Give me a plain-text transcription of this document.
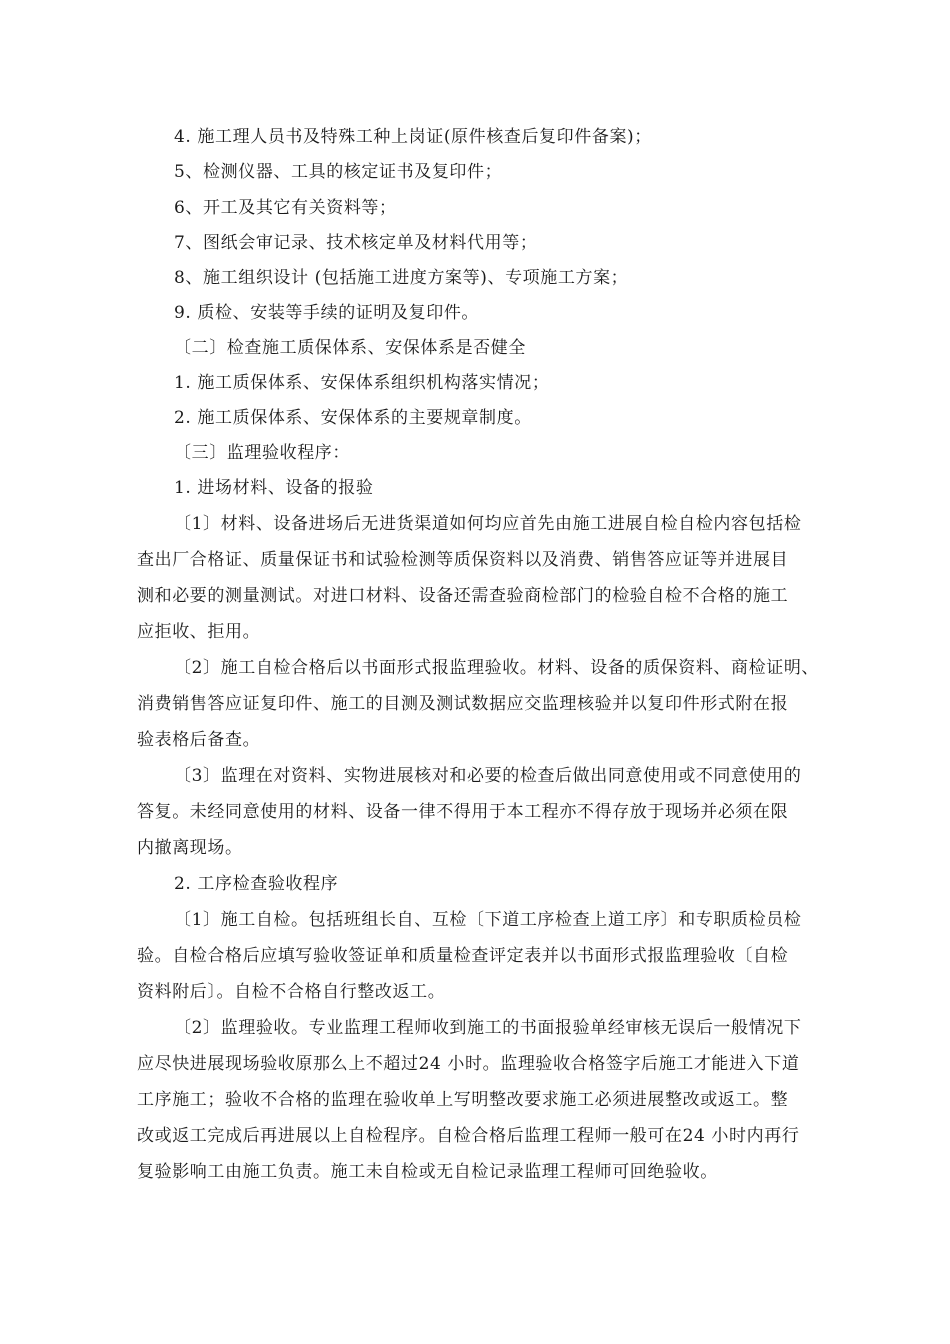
4. 施工理人员书及特殊工种上岗证(原件核查后复印件备案)；
5、检测仪器、工具的核定证书及复印件；
6、开工及其它有关资料等；
7、图纸会审记录、技术核定单及材料代用等；
8、施工组织设计 (包括施工进度方案等)、专项施工方案；
9. 质检、安装等手续的证明及复印件。
〔二〕检查施工质保体系、安保体系是否健全
1. 施工质保体系、安保体系组织机构落实情况；
2. 施工质保体系、安保体系的主要规章制度。
〔三〕监理验收程序：
1. 进场材料、设备的报验
〔1〕材料、设备进场后无进货渠道如何均应首先由施工进展自检自检内容包括检
查出厂合格证、质量保证书和试验检测等质保资料以及消费、销售答应证等并进展目
测和必要的测量测试。对进口材料、设备还需查验商检部门的检验自检不合格的施工
应拒收、拒用。
〔2〕施工自检合格后以书面形式报监理验收。材料、设备的质保资料、商检证明、
消费销售答应证复印件、施工的目测及测试数据应交监理核验并以复印件形式附在报
验表格后备查。
〔3〕监理在对资料、实物进展核对和必要的检查后做出同意使用或不同意使用的
答复。未经同意使用的材料、设备一律不得用于本工程亦不得存放于现场并必须在限
内撤离现场。
2. 工序检查验收程序
〔1〕施工自检。包括班组长自、互检〔下道工序检查上道工序〕和专职质检员检
验。自检合格后应填写验收签证单和质量检查评定表并以书面形式报监理验收〔自检
资料附后〕。自检不合格自行整改返工。
〔2〕监理验收。专业监理工程师收到施工的书面报验单经审核无误后一般情况下
应尽快进展现场验收原那么上不超过24 小时。监理验收合格签字后施工才能进入下道
工序施工；验收不合格的监理在验收单上写明整改要求施工必须进展整改或返工。整
改或返工完成后再进展以上自检程序。自检合格后监理工程师一般可在24 小时内再行
复验影响工由施工负责。施工未自检或无自检记录监理工程师可回绝验收。
